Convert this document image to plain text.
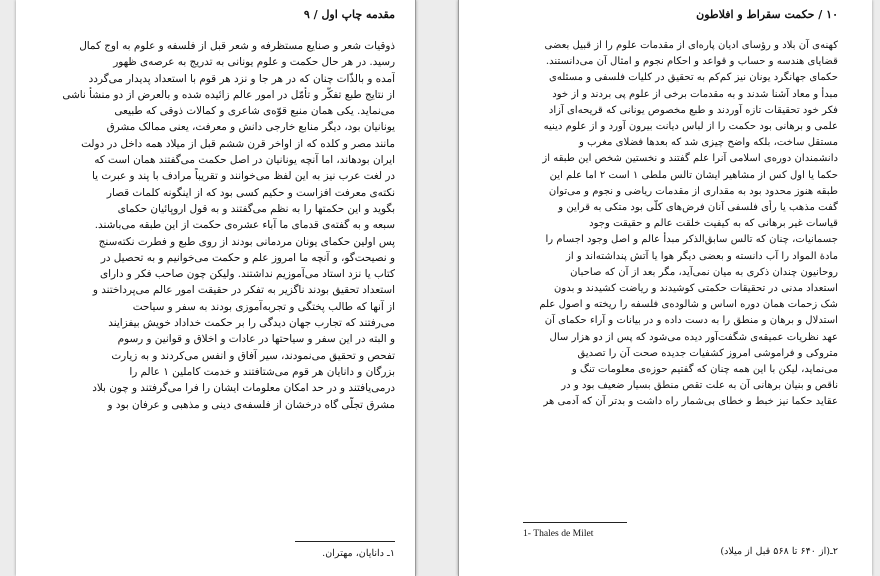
مقدمه چاپ اول / ۹
ذوقیات شعر و صنایع مستظرفه و شعر قبل از فلسفه و علوم به اوج کمال
رسید. در هر حال حکمت و علوم یونانی به تدریج به عرصه‌ی ظهور
آمده و بالذّات چنان که در هر جا و نزد هر قوم با استعداد پدیدار می‌گردد
از نتایج طبع تفکّر و تأمّل در امور عالم زائیده شده و بالعرض از دو منشأ ناشی
می‌نماید. یکی همان منبع قوّه‌ی شاعری و کمالات ذوقی که طبیعی
یونانیان بود، دیگر منابع خارجی دانش و معرفت، یعنی ممالک مشرق
مانند مصر و کلده که از اواخر قرن ششم قبل از میلاد همه داخل در دولت
ایران بودهاند، اما آنچه یونانیان در اصل حکمت می‌گفتند همان است که
در لغت عرب نیز به این لفظ می‌خوانند و تقریباً مرادف با پند و عبرت یا
نکته‌ی معرفت افزاست و حکیم کسی بود که از اینگونه کلمات قصار
بگوید و این حکمتها را به نظم می‌گفتند و به قول اروپائیان حکمای
سبعه و به گفته‌ی قدمای ما آباء عشره‌ی حکمت از این طبقه می‌باشند.
پس اولین حکمای یونان مردمانی بودند از روی طبع و فطرت نکته‌سنج
و نصیحت‌گو، و آنچه ما امروز علم و حکمت می‌خوانیم و به تحصیل در
کتاب یا نزد استاد می‌آموزیم نداشتند. ولیکن چون صاحب فکر و دارای
استعداد تحقیق بودند ناگزیر به تفکر در حقیقت امور عالم می‌پرداختند و
از آنها که طالب پختگی و تجربه‌آموزی بودند به سفر و سیاحت
می‌رفتند که تجارب جهان دیدگی را بر حکمت خداداد خویش بیفزایند
و البته در این سفر و سیاحتها در عادات و اخلاق و قوانین و رسوم
تفحص و تحقیق می‌نمودند، سیر آفاق و انفس می‌کردند و به زیارت
بزرگان و دانایان هر قوم می‌شتافتند و خدمت کاملین ۱ عالم را
درمی‌یافتند و در حد امکان معلومات ایشان را فرا می‌گرفتند و چون بلاد
مشرق تجلّی گاه درخشان از فلسفه‌ی دینی و مذهبی و عرفان بود و
۱ـ دانایان، مهتران.
۱۰ / حکمت سقراط و افلاطون
کهنه‌ی آن بلاد و رؤسای ادیان پاره‌ای از مقدمات علوم را از قبیل بعضی
قضایای هندسه و حساب و قواعد و احکام نجوم و امثال آن می‌دانستند.
حکمای جهانگرد یونان نیز کم‌کم به تحقیق در کلیات فلسفی و مسئله‌ی
مبدأ و معاد آشنا شدند و به مقدمات برخی از علوم پی بردند و از خود
فکر خود تحقیقات تازه آوردند و طبع مخصوص یونانی که قریحه‌ای آزاد
علمی و برهانی بود حکمت را از لباس دیانت بیرون آورد و از علوم دینیه
مستقل ساخت، بلکه واضح چیزی شد که بعدها فضلای مغرب و
دانشمندان دوره‌ی اسلامی آنرا علم گفتند و نخستین شخص این طبقه از
حکما یا اول کس از مشاهیر ایشان تالس ملطی ۱ است ۲ اما علم این
طبقه هنوز محدود بود به مقداری از مقدمات ریاضی و نجوم و می‌توان
گفت مذهب یا رأی فلسفی آنان فرض‌های کلّی بود متکی به قراین و
قیاسات غیر برهانی که به کیفیت خلقت عالم و حقیقت وجود
جسمانیات، چنان که تالس سابق‌الذکر مبدأ عالم و اصل وجود اجسام را
مادة المواد را آب دانسته و بعضی دیگر هوا یا آتش پنداشته‌اند و از
روحانیون چندان ذکری به میان نمی‌آید، مگر بعد از آن که صاحبان
استعداد مدنی در تحقیقات حکمتی کوشیدند و ریاضت کشیدند و بدون
شک زحمات همان دوره اساس و شالوده‌ی فلسفه را ریخته و اصول علم
استدلال و برهان و منطق را به دست داده و در بیانات و آراء حکمای آن
عهد نظریات عمیقه‌ی شگفت‌آور دیده می‌شود که پس از دو هزار سال
متروکی و فراموشی امروز کشفیات جدیده صحت آن را تصدیق
می‌نماید، لیکن با این همه چنان که گفتیم حوزه‌ی معلومات تنگ و
ناقص و بنیان برهانی آن به علت تقص منطق بسیار ضعیف بود و در
عقاید حکما نیز خبط و خطای بی‌شمار راه داشت و بدتر آن که آدمی هر
1- Thales de Milet
۲ـ(از ۶۴۰ تا ۵۶۸ قبل از میلاد)
